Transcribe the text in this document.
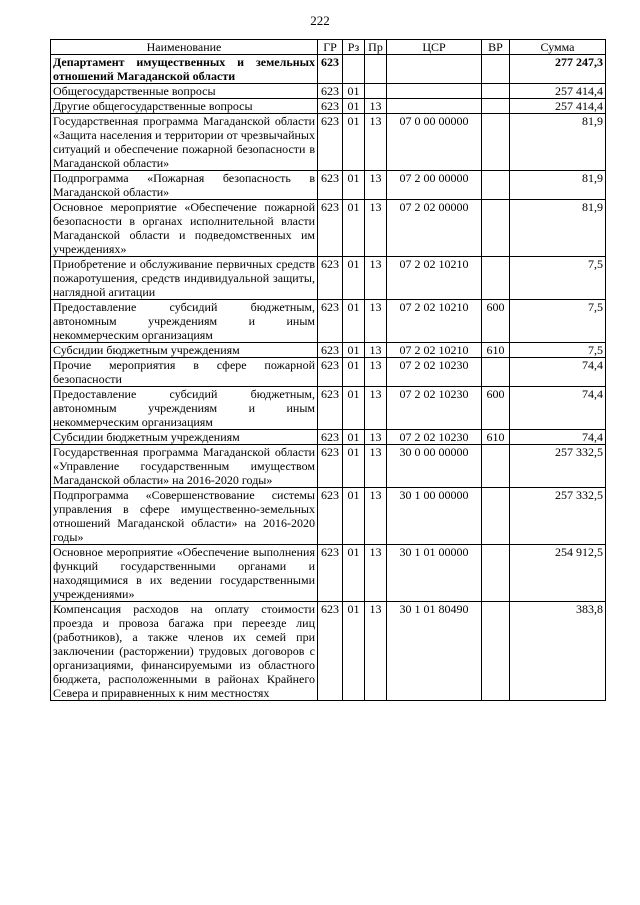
222
Наименование	ГР	Рз	Пр	ЦСР	ВР	Сумма
Департамент имущественных и земельных отношений Магаданской области	623					277 247,3
Общегосударственные вопросы	623	01				257 414,4
Другие общегосударственные вопросы	623	01	13			257 414,4
Государственная программа Магаданской области «Защита населения и территории от чрезвычайных ситуаций и обеспечение пожарной безопасности в Магаданской области»	623	01	13	07 0 00 00000		81,9
Подпрограмма «Пожарная безопасность в Магаданской области»	623	01	13	07 2 00 00000		81,9
Основное мероприятие «Обеспечение пожарной безопасности в органах исполнительной власти Магаданской области и подведомственных им учреждениях»	623	01	13	07 2 02 00000		81,9
Приобретение и обслуживание первичных средств пожаротушения, средств индивидуальной защиты, наглядной агитации	623	01	13	07 2 02 10210		7,5
Предоставление субсидий бюджетным, автономным учреждениям и иным некоммерческим организациям	623	01	13	07 2 02 10210	600	7,5
Субсидии бюджетным учреждениям	623	01	13	07 2 02 10210	610	7,5
Прочие мероприятия в сфере пожарной безопасности	623	01	13	07 2 02 10230		74,4
Предоставление субсидий бюджетным, автономным учреждениям и иным некоммерческим организациям	623	01	13	07 2 02 10230	600	74,4
Субсидии бюджетным учреждениям	623	01	13	07 2 02 10230	610	74,4
Государственная программа Магаданской области «Управление государственным имуществом Магаданской области» на 2016-2020 годы»	623	01	13	30 0 00 00000		257 332,5
Подпрограмма «Совершенствование системы управления в сфере имущественно-земельных отношений Магаданской области» на 2016-2020 годы»	623	01	13	30 1 00 00000		257 332,5
Основное мероприятие «Обеспечение выполнения функций государственными органами и находящимися в их ведении государственными учреждениями»	623	01	13	30 1 01 00000		254 912,5
Компенсация расходов на оплату стоимости проезда и провоза багажа при переезде лиц (работников), а также членов их семей при заключении (расторжении) трудовых договоров с организациями, финансируемыми из областного бюджета, расположенными в районах Крайнего Севера и приравненных к ним местностях	623	01	13	30 1 01 80490		383,8
